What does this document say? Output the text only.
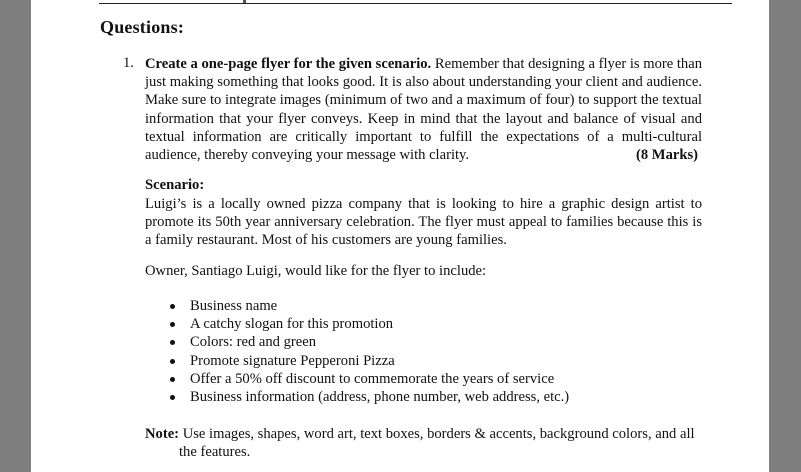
Questions:
1. Create a one-page flyer for the given scenario. Remember that designing a flyer is more than just making something that looks good. It is also about understanding your client and audience. Make sure to integrate images (minimum of two and a maximum of four) to support the textual information that your flyer conveys. Keep in mind that the layout and balance of visual and textual information are critically important to fulfill the expectations of a multi-cultural audience, thereby conveying your message with clarity.	(8 Marks)

Scenario:

Luigi’s is a locally owned pizza company that is looking to hire a graphic design artist to promote its 50th year anniversary celebration. The flyer must appeal to families because this is a family restaurant. Most of his customers are young families.

Owner, Santiago Luigi, would like for the flyer to include:
Business name
A catchy slogan for this promotion
Colors: red and green
Promote signature Pepperoni Pizza
Offer a 50% off discount to commemorate the years of service
Business information (address, phone number, web address, etc.)

Note: Use images, shapes, word art, text boxes, borders & accents, background colors, and all the features.
